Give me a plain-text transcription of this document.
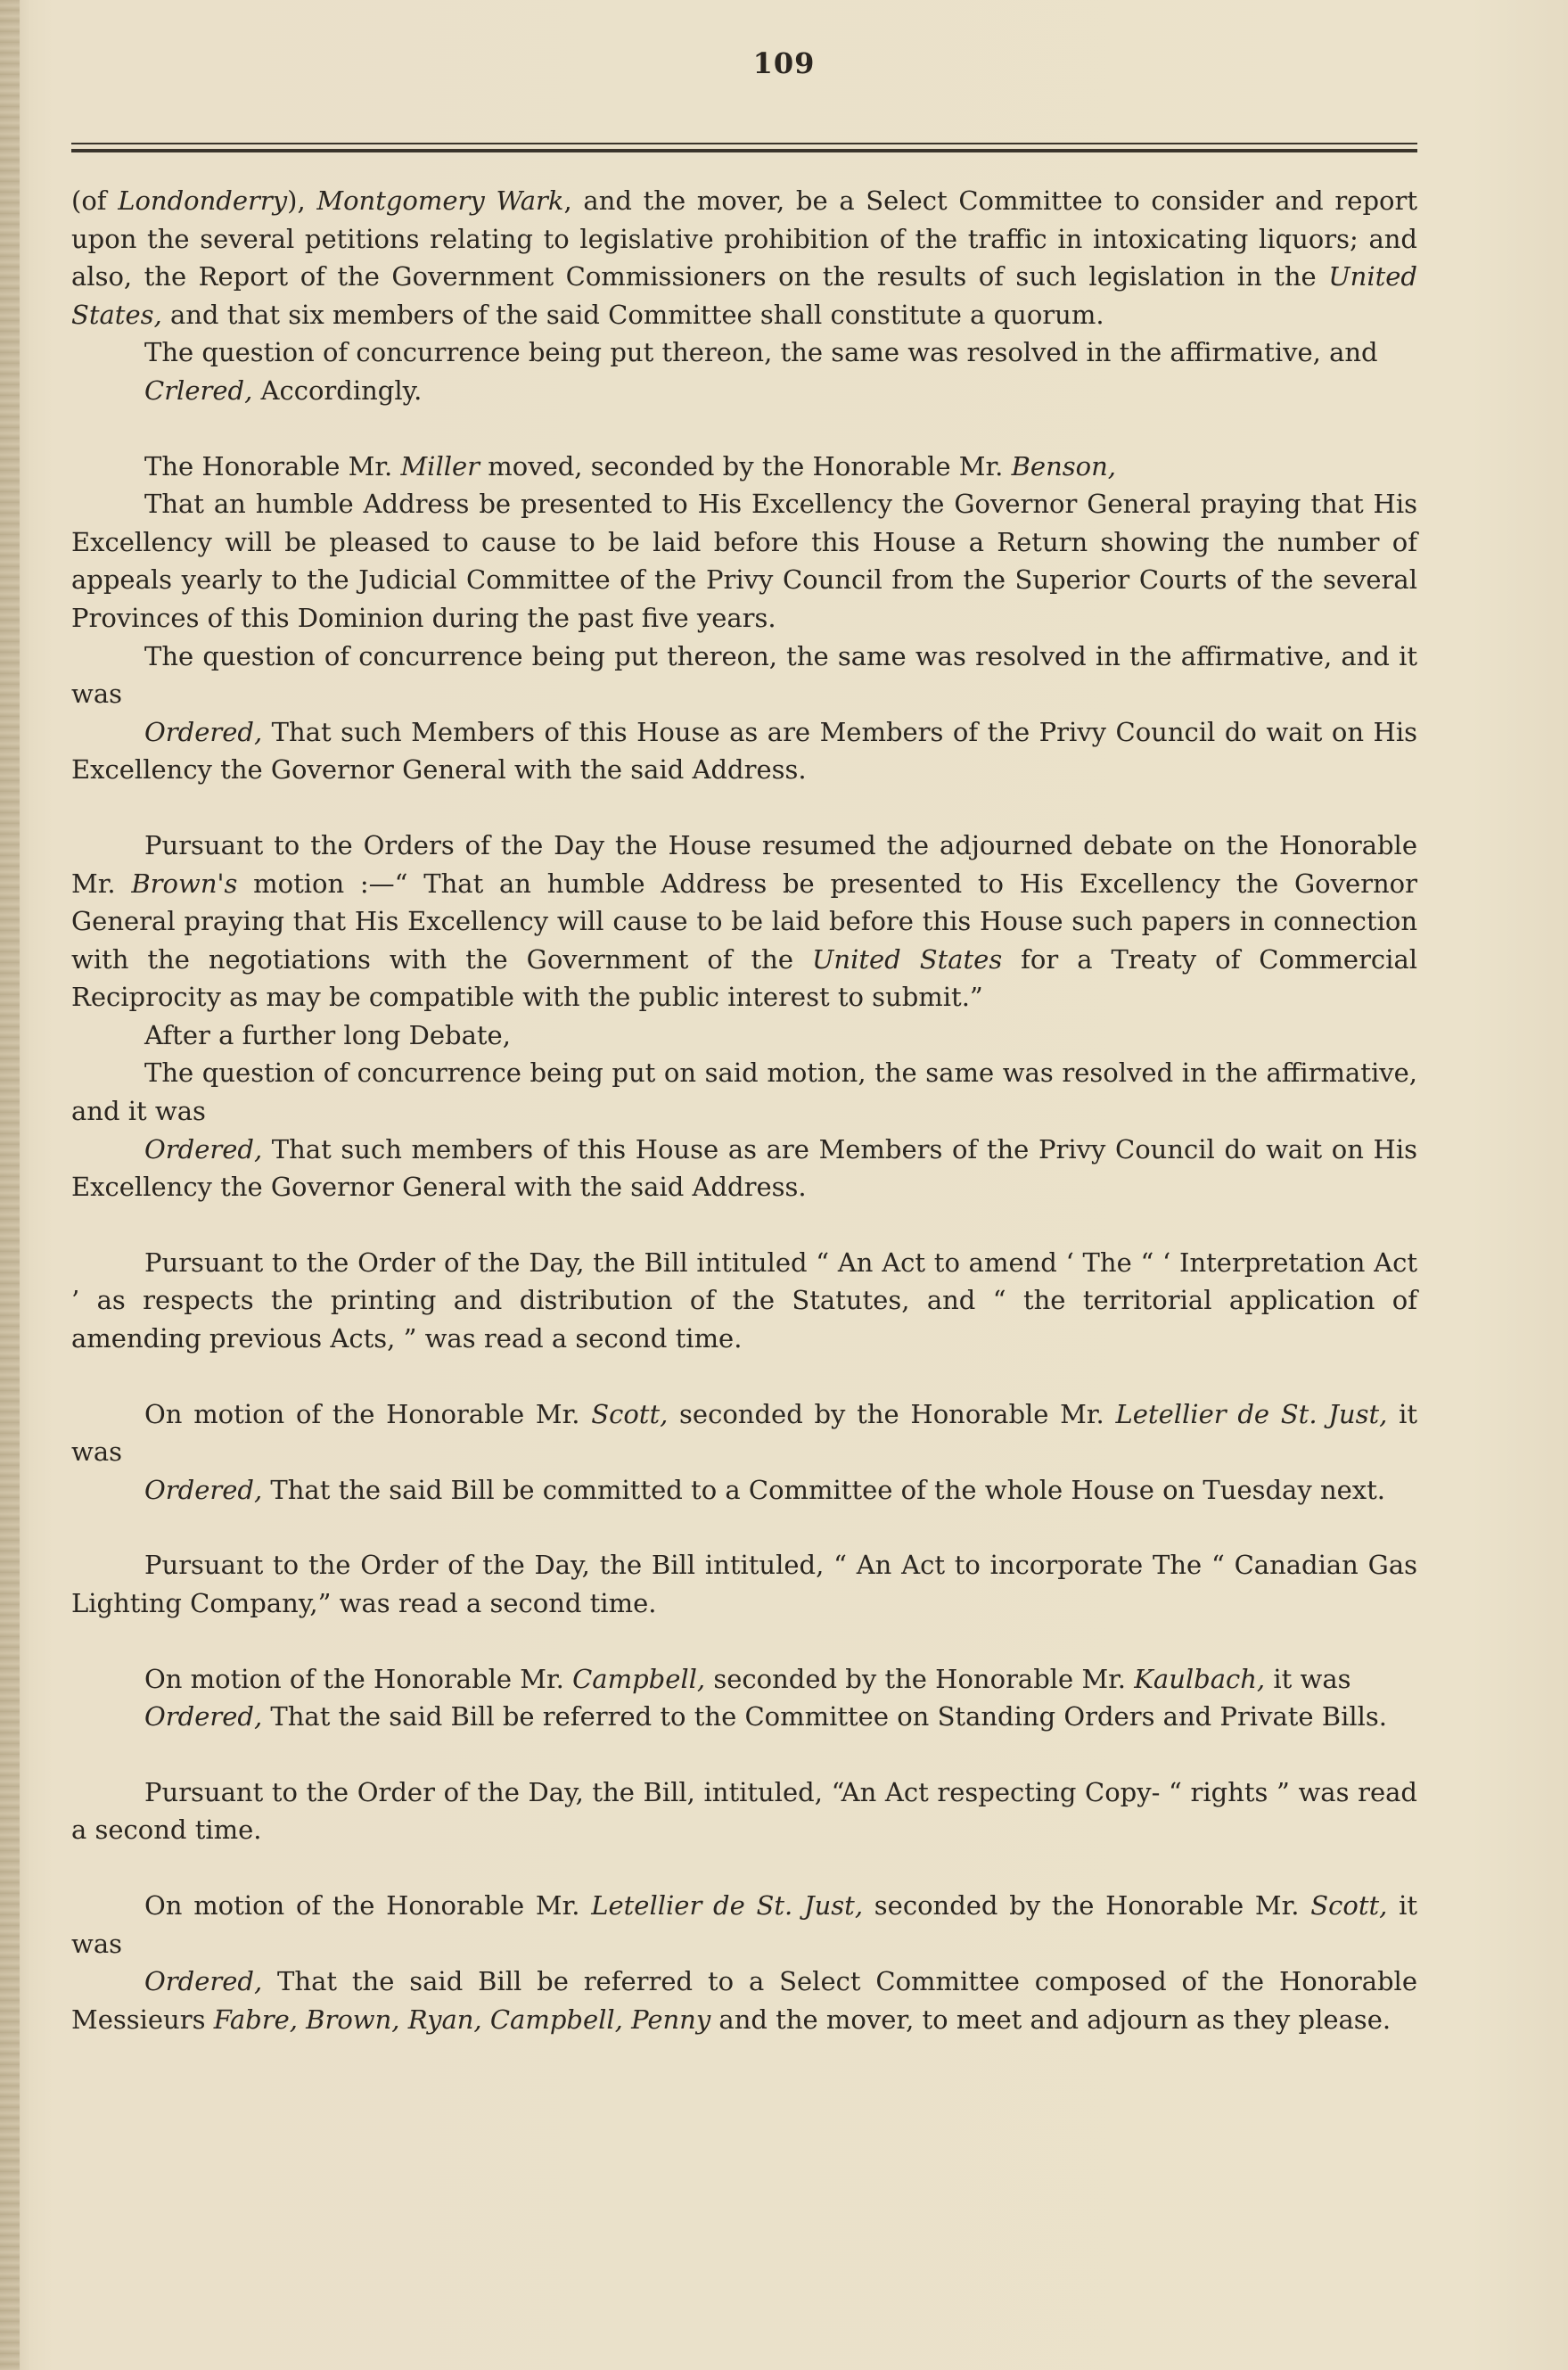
109

(of Londonderry), Montgomery Wark, and the mover, be a Select Committee to consider and report upon the several petitions relating to legislative prohibition of the traffic in intoxicating liquors; and also, the Report of the Government Commissioners on the results of such legislation in the United States, and that six members of the said Committee shall constitute a quorum.

The question of concurrence being put thereon, the same was resolved in the affirmative, and

Crlered, Accordingly.

The Honorable Mr. Miller moved, seconded by the Honorable Mr. Benson,

That an humble Address be presented to His Excellency the Governor General praying that His Excellency will be pleased to cause to be laid before this House a Return showing the number of appeals yearly to the Judicial Committee of the Privy Council from the Superior Courts of the several Provinces of this Dominion during the past five years.

The question of concurrence being put thereon, the same was resolved in the affirmative, and it was

Ordered, That such Members of this House as are Members of the Privy Council do wait on His Excellency the Governor General with the said Address.

Pursuant to the Orders of the Day the House resumed the adjourned debate on the Honorable Mr. Brown's motion :—“ That an humble Address be presented to His Excellency the Governor General praying that His Excellency will cause to be laid before this House such papers in connection with the negotiations with the Government of the United States for a Treaty of Commercial Reciprocity as may be compatible with the public interest to submit.”

After a further long Debate,

The question of concurrence being put on said motion, the same was resolved in the affirmative, and it was

Ordered, That such members of this House as are Members of the Privy Council do wait on His Excellency the Governor General with the said Address.

Pursuant to the Order of the Day, the Bill intituled “ An Act to amend ‘ The “ ‘ Interpretation Act ’ as respects the printing and distribution of the Statutes, and “ the territorial application of amending previous Acts, ” was read a second time.

On motion of the Honorable Mr. Scott, seconded by the Honorable Mr. Letellier de St. Just, it was

Ordered, That the said Bill be committed to a Committee of the whole House on Tuesday next.

Pursuant to the Order of the Day, the Bill intituled, “ An Act to incorporate The “ Canadian Gas Lighting Company,” was read a second time.

On motion of the Honorable Mr. Campbell, seconded by the Honorable Mr. Kaulbach, it was

Ordered, That the said Bill be referred to the Committee on Standing Orders and Private Bills.

Pursuant to the Order of the Day, the Bill, intituled, “An Act respecting Copy- “ rights ” was read a second time.

On motion of the Honorable Mr. Letellier de St. Just, seconded by the Honorable Mr. Scott, it was

Ordered, That the said Bill be referred to a Select Committee composed of the Honorable Messieurs Fabre, Brown, Ryan, Campbell, Penny and the mover, to meet and adjourn as they please.
